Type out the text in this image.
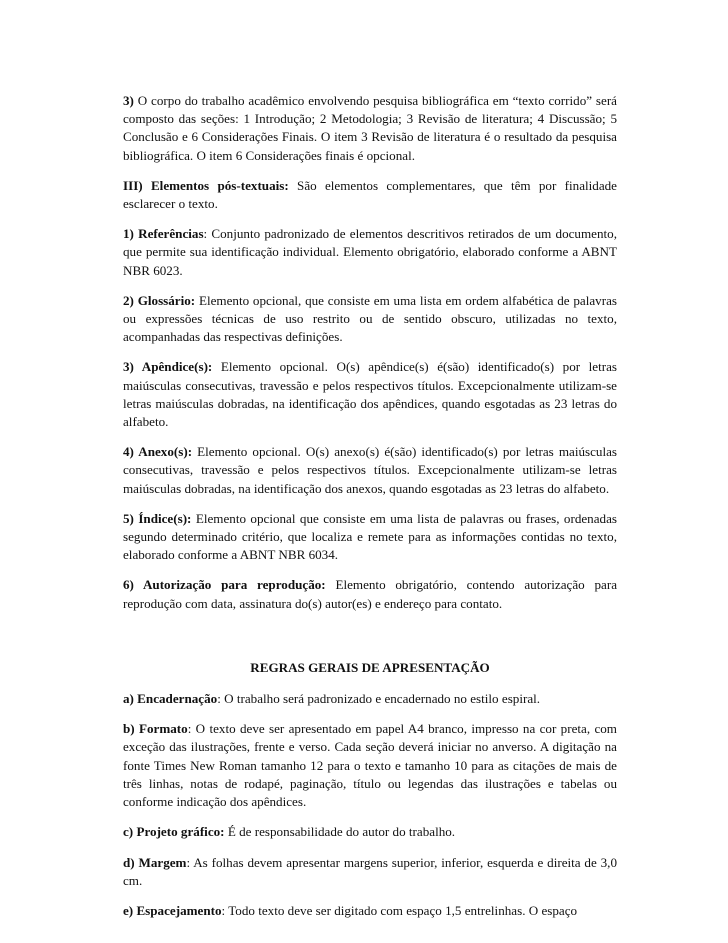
3) O corpo do trabalho acadêmico envolvendo pesquisa bibliográfica em “texto corrido” será composto das seções: 1 Introdução; 2 Metodologia; 3 Revisão de literatura; 4 Discussão; 5 Conclusão e 6 Considerações Finais. O item 3 Revisão de literatura é o resultado da pesquisa bibliográfica. O item 6 Considerações finais é opcional.

III) Elementos pós-textuais: São elementos complementares, que têm por finalidade esclarecer o texto.

1) Referências: Conjunto padronizado de elementos descritivos retirados de um documento, que permite sua identificação individual. Elemento obrigatório, elaborado conforme a ABNT NBR 6023.

2) Glossário: Elemento opcional, que consiste em uma lista em ordem alfabética de palavras ou expressões técnicas de uso restrito ou de sentido obscuro, utilizadas no texto, acompanhadas das respectivas definições.

3) Apêndice(s): Elemento opcional. O(s) apêndice(s) é(são) identificado(s) por letras maiúsculas consecutivas, travessão e pelos respectivos títulos. Excepcionalmente utilizam-se letras maiúsculas dobradas, na identificação dos apêndices, quando esgotadas as 23 letras do alfabeto.

4) Anexo(s): Elemento opcional. O(s) anexo(s) é(são) identificado(s) por letras maiúsculas consecutivas, travessão e pelos respectivos títulos. Excepcionalmente utilizam-se letras maiúsculas dobradas, na identificação dos anexos, quando esgotadas as 23 letras do alfabeto.

5) Índice(s): Elemento opcional que consiste em uma lista de palavras ou frases, ordenadas segundo determinado critério, que localiza e remete para as informações contidas no texto, elaborado conforme a ABNT NBR 6034.

6) Autorização para reprodução: Elemento obrigatório, contendo autorização para reprodução com data, assinatura do(s) autor(es) e endereço para contato.

REGRAS GERAIS DE APRESENTAÇÃO

a) Encadernação: O trabalho será padronizado e encadernado no estilo espiral.

b) Formato: O texto deve ser apresentado em papel A4 branco, impresso na cor preta, com exceção das ilustrações, frente e verso. Cada seção deverá iniciar no anverso. A digitação na fonte Times New Roman tamanho 12 para o texto e tamanho 10 para as citações de mais de três linhas, notas de rodapé, paginação, título ou legendas das ilustrações e tabelas ou conforme indicação dos apêndices.

c) Projeto gráfico: É de responsabilidade do autor do trabalho.

d) Margem: As folhas devem apresentar margens superior, inferior, esquerda e direita de 3,0 cm.

e) Espacejamento: Todo texto deve ser digitado com espaço 1,5 entrelinhas. O espaço
